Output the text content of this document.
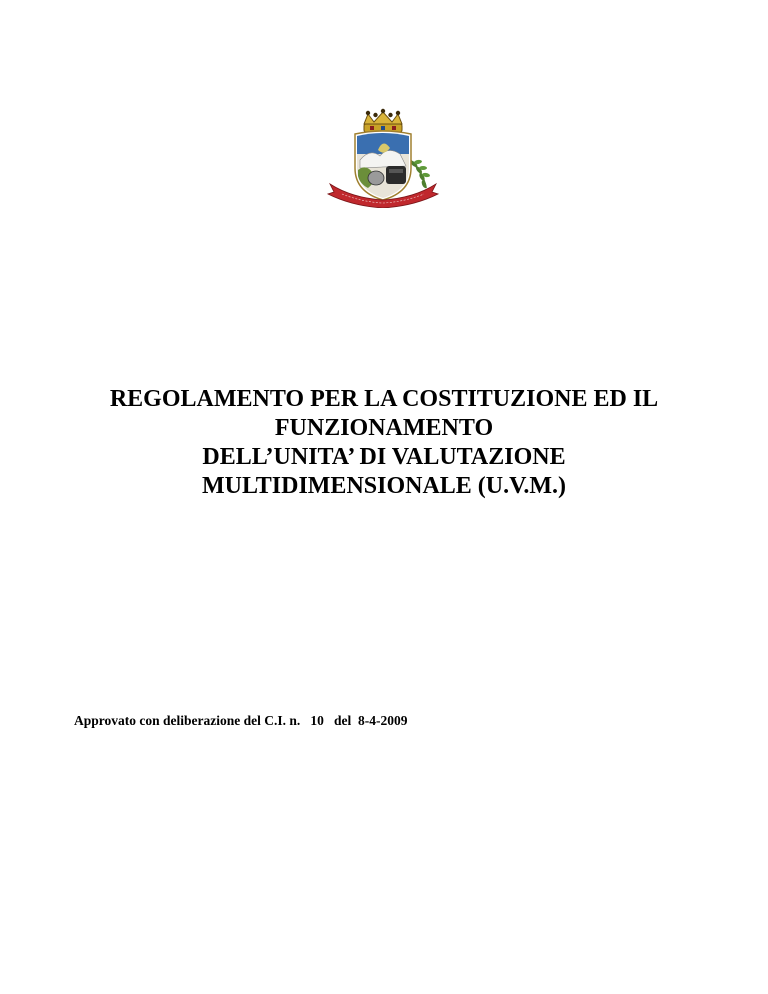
REGOLAMENTO PER LA COSTITUZIONE ED IL
FUNZIONAMENTO
DELL’UNITA’ DI VALUTAZIONE
MULTIDIMENSIONALE (U.V.M.)
Approvato con deliberazione del C.I. n.   10   del  8-4-2009
